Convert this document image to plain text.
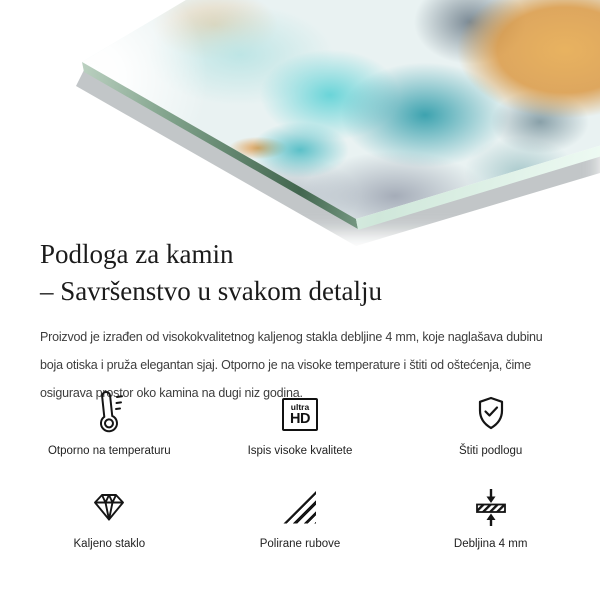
Podloga za kamin
– Savršenstvo u svakom detalju

Proizvod je izrađen od visokokvalitetnog kaljenog stakla debljine 4 mm, koje naglašava dubinu
boja otiska i pruža elegantan sjaj. Otporno je na visoke temperature i štiti od oštećenja, čime
osigurava prostor oko kamina na dugi niz godina.

Otporno na temperaturu
ultra
HD
Ispis visoke kvalitete	Štiti podlogu
Kaljeno staklo	Polirane rubove	Debljina 4 mm
